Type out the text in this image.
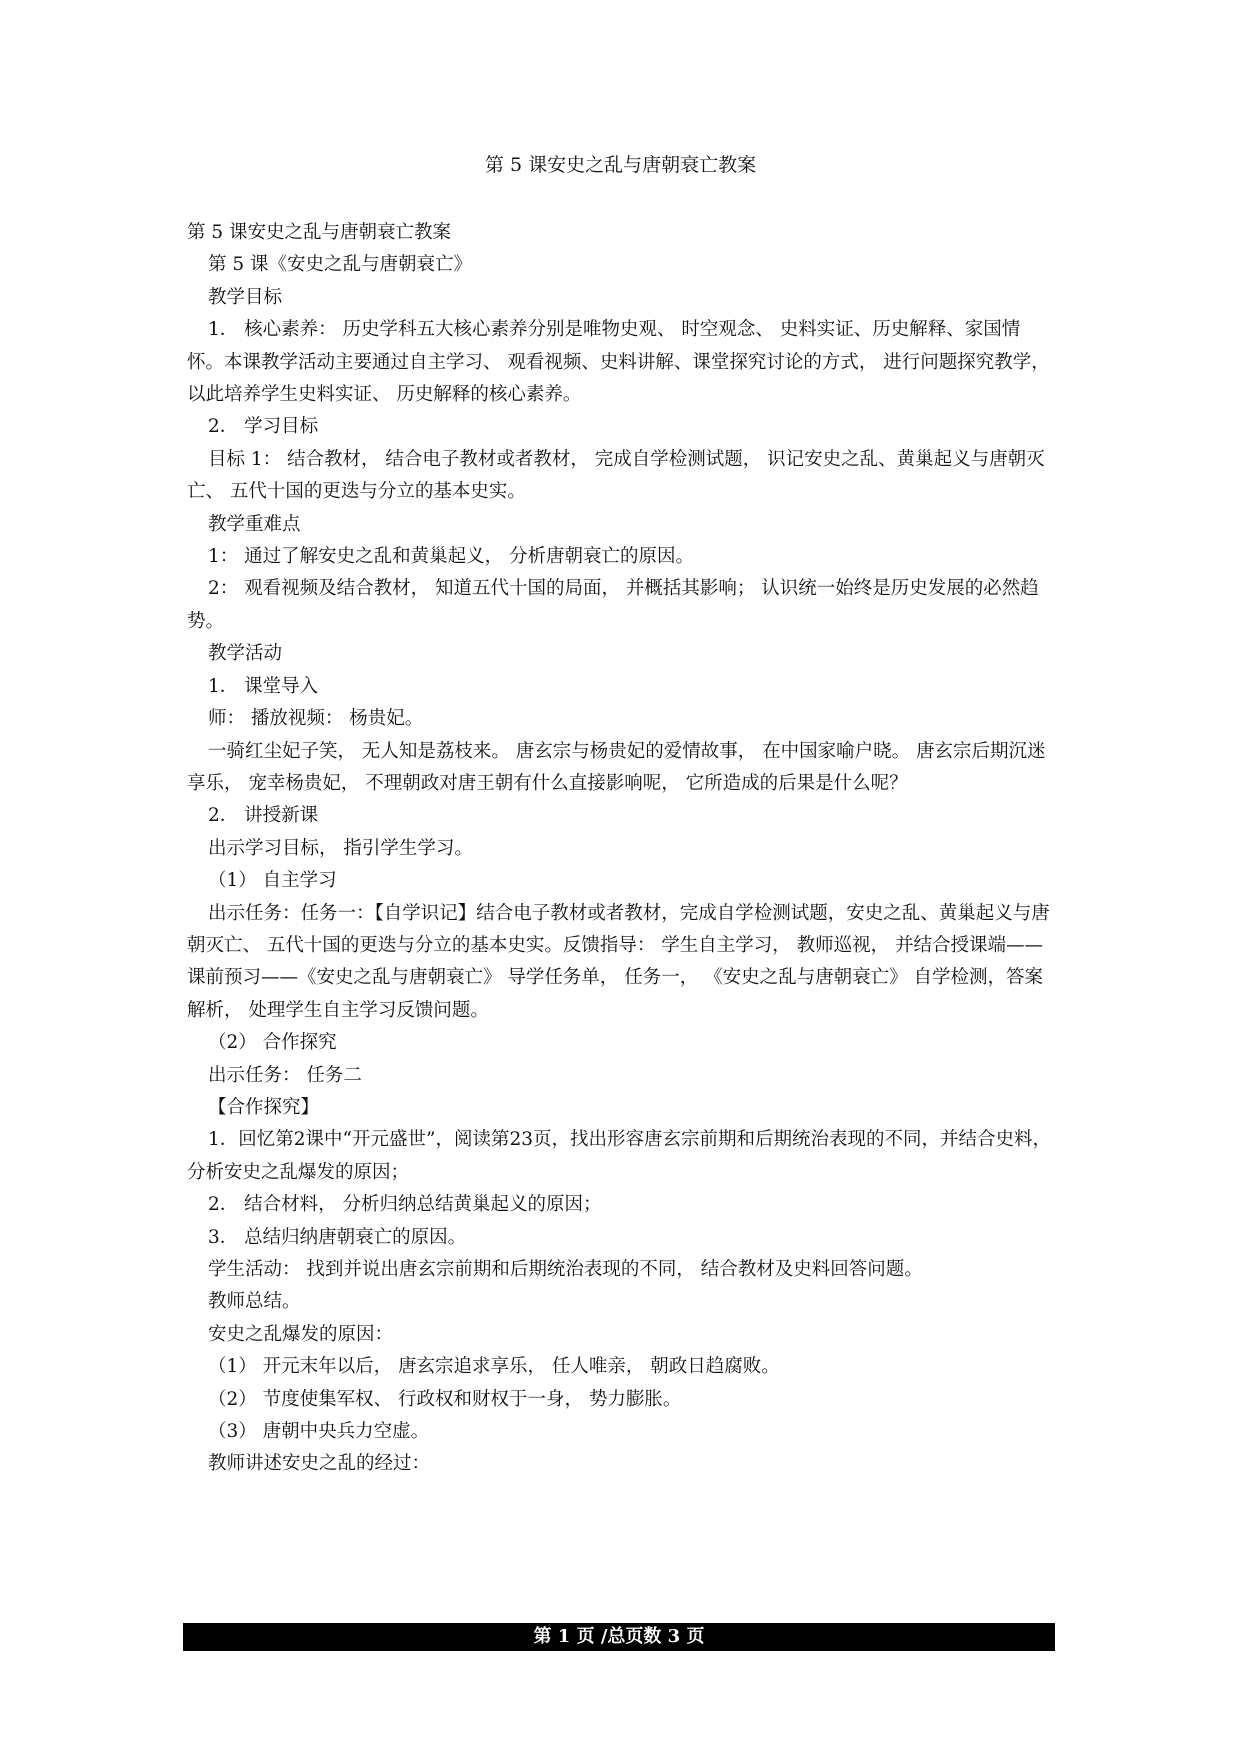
第 5 课安史之乱与唐朝衰亡教案

第 5 课安史之乱与唐朝衰亡教案

第 5 课《安史之乱与唐朝衰亡》

教学目标

1． 核心素养： 历史学科五大核心素养分别是唯物史观、 时空观念、 史料实证、历史解释、家国情怀。本课教学活动主要通过自主学习、 观看视频、史料讲解、课堂探究讨论的方式， 进行问题探究教学， 以此培养学生史料实证、 历史解释的核心素养。

2． 学习目标

目标 1： 结合教材， 结合电子教材或者教材， 完成自学检测试题， 识记安史之乱、黄巢起义与唐朝灭亡、 五代十国的更迭与分立的基本史实。

教学重难点

1： 通过了解安史之乱和黄巢起义， 分析唐朝衰亡的原因。

2： 观看视频及结合教材， 知道五代十国的局面， 并概括其影响； 认识统一始终是历史发展的必然趋势。

教学活动

1． 课堂导入

师： 播放视频： 杨贵妃。

一骑红尘妃子笑， 无人知是荔枝来。 唐玄宗与杨贵妃的爱情故事， 在中国家喻户晓。 唐玄宗后期沉迷享乐， 宠幸杨贵妃， 不理朝政对唐王朝有什么直接影响呢， 它所造成的后果是什么呢？

2． 讲授新课

出示学习目标， 指引学生学习。

（1） 自主学习

出示任务：任务一：【自学识记】结合电子教材或者教材，完成自学检测试题，安史之乱、黄巢起义与唐朝灭亡、 五代十国的更迭与分立的基本史实。反馈指导： 学生自主学习， 教师巡视， 并结合授课端——课前预习——《安史之乱与唐朝衰亡》 导学任务单， 任务一， 《安史之乱与唐朝衰亡》 自学检测，答案解析， 处理学生自主学习反馈问题。

（2） 合作探究

出示任务： 任务二

【合作探究】

1．回忆第2课中“开元盛世”，阅读第23页，找出形容唐玄宗前期和后期统治表现的不同，并结合史料， 分析安史之乱爆发的原因；

2． 结合材料， 分析归纳总结黄巢起义的原因；

3． 总结归纳唐朝衰亡的原因。

学生活动： 找到并说出唐玄宗前期和后期统治表现的不同， 结合教材及史料回答问题。

教师总结。

安史之乱爆发的原因：

（1） 开元末年以后， 唐玄宗追求享乐， 任人唯亲， 朝政日趋腐败。

（2） 节度使集军权、 行政权和财权于一身， 势力膨胀。

（3） 唐朝中央兵力空虚。

教师讲述安史之乱的经过：

第 1 页 /总页数 3 页
